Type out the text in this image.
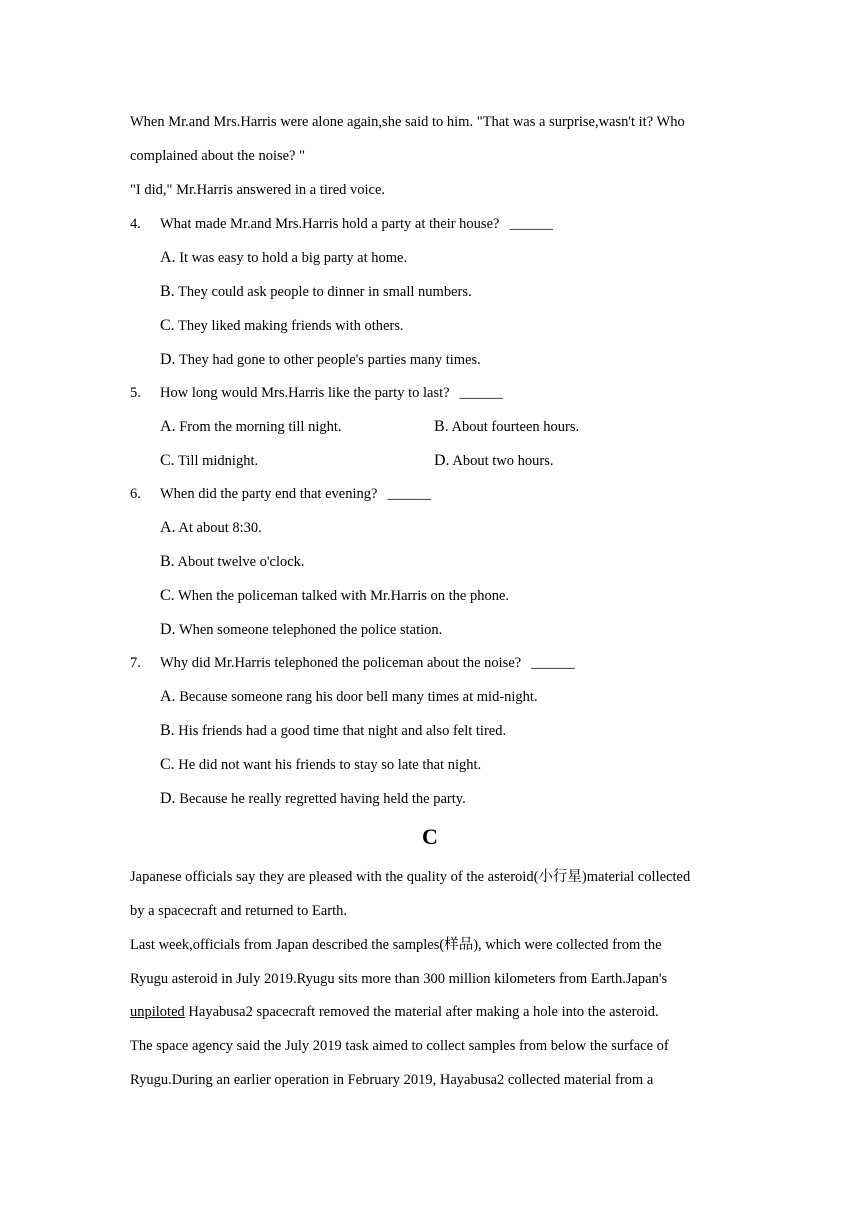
When Mr.and Mrs.Harris were alone again,she said to him. "That was a surprise,wasn't it? Who
complained about the noise? "
"I did," Mr.Harris answered in a tired voice.
4. What made Mr.and Mrs.Harris hold a party at their house? ______
A. It was easy to hold a big party at home.
B. They could ask people to dinner in small numbers.
C. They liked making friends with others.
D. They had gone to other people's parties many times.
5. How long would Mrs.Harris like the party to last? ______
A. From the morning till night.	B. About fourteen hours.
C. Till midnight.	D. About two hours.
6. When did the party end that evening? ______
A. At about 8:30.
B. About twelve o'clock.
C. When the policeman talked with Mr.Harris on the phone.
D. When someone telephoned the police station.
7. Why did Mr.Harris telephoned the policeman about the noise? ______
A. Because someone rang his door bell many times at mid-night.
B. His friends had a good time that night and also felt tired.
C. He did not want his friends to stay so late that night.
D. Because he really regretted having held the party.
C
Japanese officials say they are pleased with the quality of the asteroid(小行星)material collected
by a spacecraft and returned to Earth.
Last week,officials from Japan described the samples(样品), which were collected from the
Ryugu asteroid in July 2019.Ryugu sits more than 300 million kilometers from Earth.Japan's
unpiloted Hayabusa2 spacecraft removed the material after making a hole into the asteroid.
The space agency said the July 2019 task aimed to collect samples from below the surface of
Ryugu.During an earlier operation in February 2019, Hayabusa2 collected material from a
